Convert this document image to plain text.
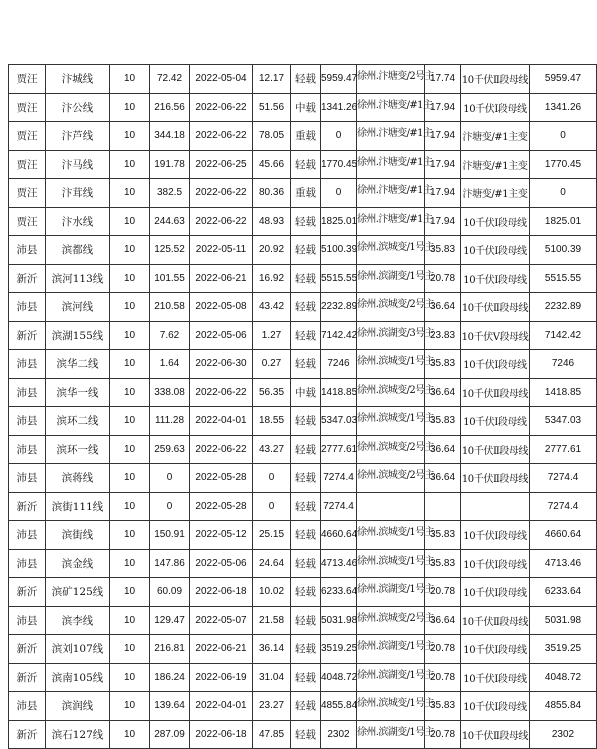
贾汪	汴城线	10	72.42	2022-05-04	12.17	轻载	5959.47	徐州.汴塘变/2号主	17.74	10千伏Ⅱ段母线	5959.47
贾汪	汴公线	10	216.56	2022-06-22	51.56	中载	1341.26	徐州.汴塘变/#1主	17.94	10千伏Ⅰ段母线	1341.26
贾汪	汴芦线	10	344.18	2022-06-22	78.05	重载	0	徐州.汴塘变/#1主	17.94	汴塘变/#1主变	0
贾汪	汴马线	10	191.78	2022-06-25	45.66	轻载	1770.45	徐州.汴塘变/#1主	17.94	汴塘变/#1主变	1770.45
贾汪	汴茸线	10	382.5	2022-06-22	80.36	重载	0	徐州.汴塘变/#1主	17.94	汴塘变/#1主变	0
贾汪	汴水线	10	244.63	2022-06-22	48.93	轻载	1825.01	徐州.汴塘变/#1主	17.94	10千伏Ⅰ段母线	1825.01
沛县	滨都线	10	125.52	2022-05-11	20.92	轻载	5100.39	徐州.滨城变/1号主	35.83	10千伏Ⅰ段母线	5100.39
新沂	滨河113线	10	101.55	2022-06-21	16.92	轻载	5515.55	徐州.滨湖变/1号主	20.78	10千伏Ⅰ段母线	5515.55
沛县	滨河线	10	210.58	2022-05-08	43.42	轻载	2232.89	徐州.滨城变/2号主	36.64	10千伏Ⅱ段母线	2232.89
新沂	滨湖155线	10	7.62	2022-05-06	1.27	轻载	7142.42	徐州.滨湖变/3号主	23.83	10千伏Ⅴ段母线	7142.42
沛县	滨华二线	10	1.64	2022-06-30	0.27	轻载	7246	徐州.滨城变/1号主	35.83	10千伏Ⅰ段母线	7246
沛县	滨华一线	10	338.08	2022-06-22	56.35	中载	1418.85	徐州.滨城变/2号主	36.64	10千伏Ⅱ段母线	1418.85
沛县	滨环二线	10	111.28	2022-04-01	18.55	轻载	5347.03	徐州.滨城变/1号主	35.83	10千伏Ⅰ段母线	5347.03
沛县	滨环一线	10	259.63	2022-06-22	43.27	轻载	2777.61	徐州.滨城变/2号主	36.64	10千伏Ⅱ段母线	2777.61
沛县	滨蒋线	10	0	2022-05-28	0	轻载	7274.4	徐州.滨城变/2号主	36.64	10千伏Ⅱ段母线	7274.4
新沂	滨街111线	10	0	2022-05-28	0	轻载	7274.4				7274.4
沛县	滨街线	10	150.91	2022-05-12	25.15	轻载	4660.64	徐州.滨城变/1号主	35.83	10千伏Ⅰ段母线	4660.64
沛县	滨金线	10	147.86	2022-05-06	24.64	轻载	4713.46	徐州.滨城变/1号主	35.83	10千伏Ⅰ段母线	4713.46
新沂	滨矿125线	10	60.09	2022-06-18	10.02	轻载	6233.64	徐州.滨湖变/1号主	20.78	10千伏Ⅰ段母线	6233.64
沛县	滨李线	10	129.47	2022-05-07	21.58	轻载	5031.98	徐州.滨城变/2号主	36.64	10千伏Ⅱ段母线	5031.98
新沂	滨刘107线	10	216.81	2022-06-21	36.14	轻载	3519.25	徐州.滨湖变/1号主	20.78	10千伏Ⅰ段母线	3519.25
新沂	滨南105线	10	186.24	2022-06-19	31.04	轻载	4048.72	徐州.滨湖变/1号主	20.78	10千伏Ⅰ段母线	4048.72
沛县	滨润线	10	139.64	2022-04-01	23.27	轻载	4855.84	徐州.滨城变/1号主	35.83	10千伏Ⅰ段母线	4855.84
新沂	滨石127线	10	287.09	2022-06-18	47.85	轻载	2302	徐州.滨湖变/1号主	20.78	10千伏Ⅱ段母线	2302
